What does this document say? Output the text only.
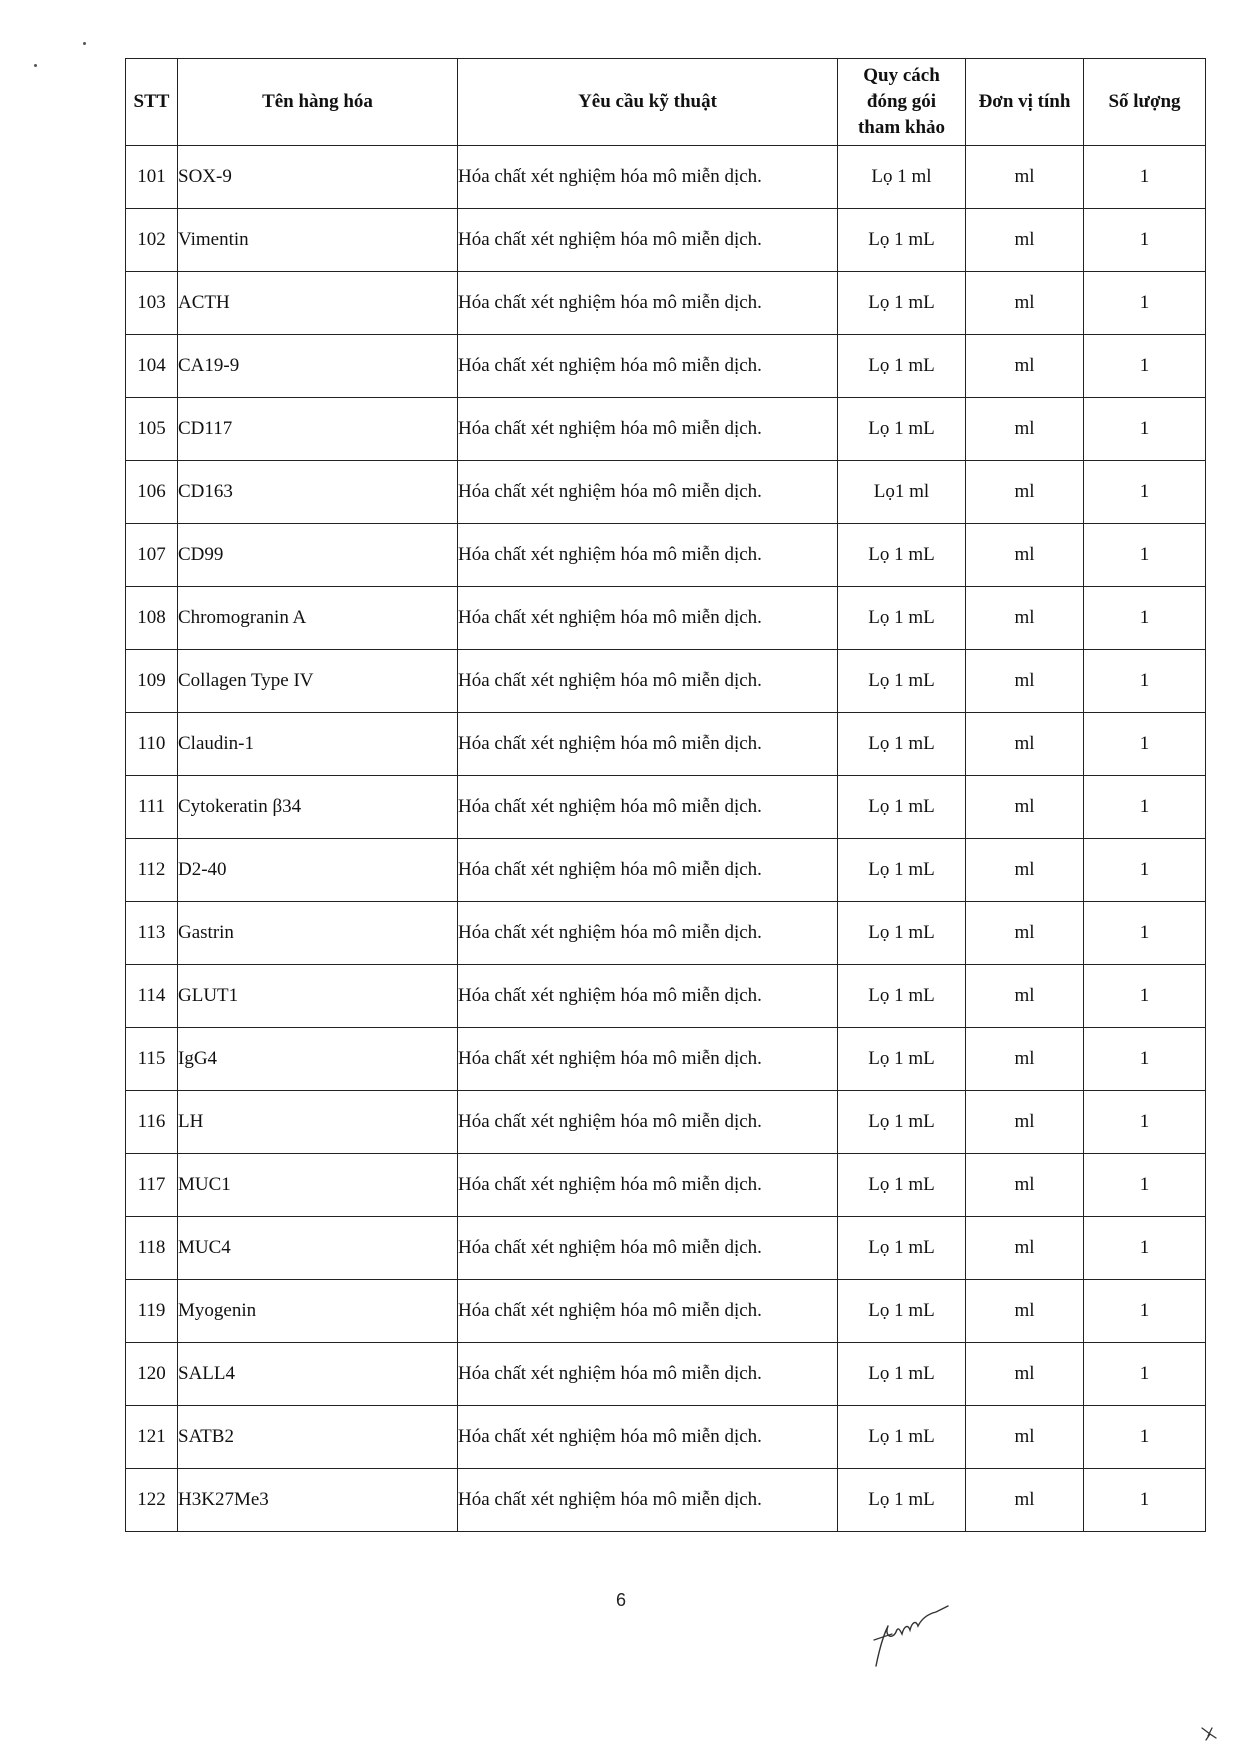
STT	Tên hàng hóa	Yêu cầu kỹ thuật	Quy cách
đóng gói
tham khảo	Đơn vị tính	Số lượng
101	SOX-9	Hóa chất xét nghiệm hóa mô miễn dịch.	Lọ 1 ml	ml	1
102	Vimentin	Hóa chất xét nghiệm hóa mô miễn dịch.	Lọ 1 mL	ml	1
103	ACTH	Hóa chất xét nghiệm hóa mô miễn dịch.	Lọ 1 mL	ml	1
104	CA19-9	Hóa chất xét nghiệm hóa mô miễn dịch.	Lọ 1 mL	ml	1
105	CD117	Hóa chất xét nghiệm hóa mô miễn dịch.	Lọ 1 mL	ml	1
106	CD163	Hóa chất xét nghiệm hóa mô miễn dịch.	Lọ1 ml	ml	1
107	CD99	Hóa chất xét nghiệm hóa mô miễn dịch.	Lọ 1 mL	ml	1
108	Chromogranin A	Hóa chất xét nghiệm hóa mô miễn dịch.	Lọ 1 mL	ml	1
109	Collagen Type IV	Hóa chất xét nghiệm hóa mô miễn dịch.	Lọ 1 mL	ml	1
110	Claudin-1	Hóa chất xét nghiệm hóa mô miễn dịch.	Lọ 1 mL	ml	1
111	Cytokeratin β34	Hóa chất xét nghiệm hóa mô miễn dịch.	Lọ 1 mL	ml	1
112	D2-40	Hóa chất xét nghiệm hóa mô miễn dịch.	Lọ 1 mL	ml	1
113	Gastrin	Hóa chất xét nghiệm hóa mô miễn dịch.	Lọ 1 mL	ml	1
114	GLUT1	Hóa chất xét nghiệm hóa mô miễn dịch.	Lọ 1 mL	ml	1
115	IgG4	Hóa chất xét nghiệm hóa mô miễn dịch.	Lọ 1 mL	ml	1
116	LH	Hóa chất xét nghiệm hóa mô miễn dịch.	Lọ 1 mL	ml	1
117	MUC1	Hóa chất xét nghiệm hóa mô miễn dịch.	Lọ 1 mL	ml	1
118	MUC4	Hóa chất xét nghiệm hóa mô miễn dịch.	Lọ 1 mL	ml	1
119	Myogenin	Hóa chất xét nghiệm hóa mô miễn dịch.	Lọ 1 mL	ml	1
120	SALL4	Hóa chất xét nghiệm hóa mô miễn dịch.	Lọ 1 mL	ml	1
121	SATB2	Hóa chất xét nghiệm hóa mô miễn dịch.	Lọ 1 mL	ml	1
122	H3K27Me3	Hóa chất xét nghiệm hóa mô miễn dịch.	Lọ 1 mL	ml	1
6
